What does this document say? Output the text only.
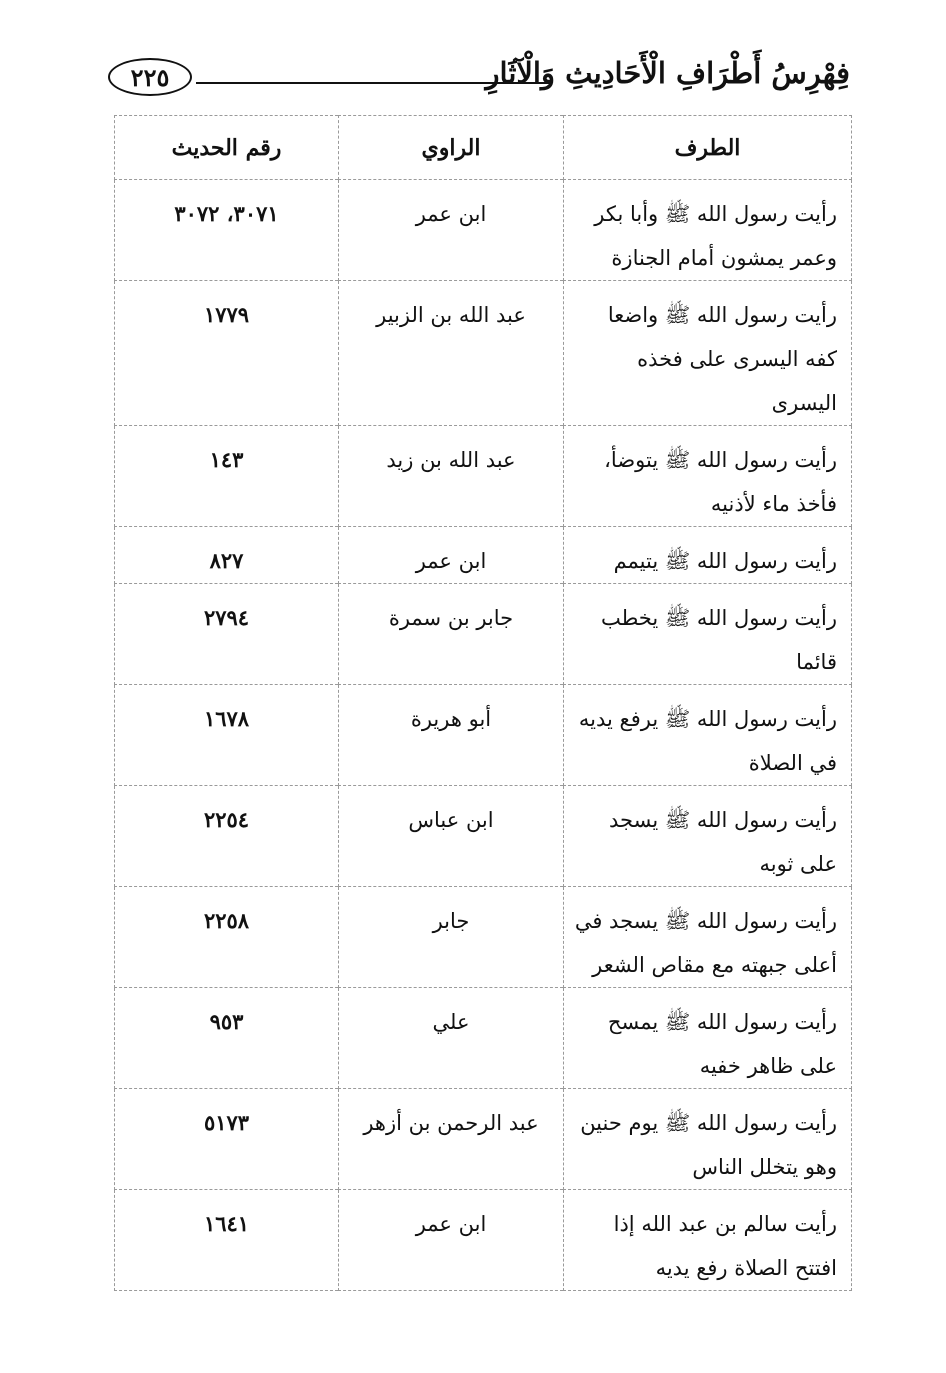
فِهْرِسُ أَطْرَافِ الْأَحَادِيثِ وَالْآثَارِ
٢٢٥
الطرف	الراوي	رقم الحديث
رأيت رسول الله ﷺ وأبا بكر وعمر يمشون أمام الجنازة	ابن عمر	٣٠٧١، ٣٠٧٢
رأيت رسول الله ﷺ واضعا كفه اليسرى على فخذه اليسرى	عبد الله بن الزبير	١٧٧٩
رأيت رسول الله ﷺ يتوضأ، فأخذ ماء لأذنيه	عبد الله بن زيد	١٤٣
رأيت رسول الله ﷺ يتيمم	ابن عمر	٨٢٧
رأيت رسول الله ﷺ يخطب قائما	جابر بن سمرة	٢٧٩٤
رأيت رسول الله ﷺ يرفع يديه في الصلاة	أبو هريرة	١٦٧٨
رأيت رسول الله ﷺ يسجد على ثوبه	ابن عباس	٢٢٥٤
رأيت رسول الله ﷺ يسجد في أعلى جبهته مع مقاص الشعر	جابر	٢٢٥٨
رأيت رسول الله ﷺ يمسح على ظاهر خفيه	علي	٩٥٣
رأيت رسول الله ﷺ يوم حنين وهو يتخلل الناس	عبد الرحمن بن أزهر	٥١٧٣
رأيت سالم بن عبد الله إذا افتتح الصلاة رفع يديه	ابن عمر	١٦٤١
